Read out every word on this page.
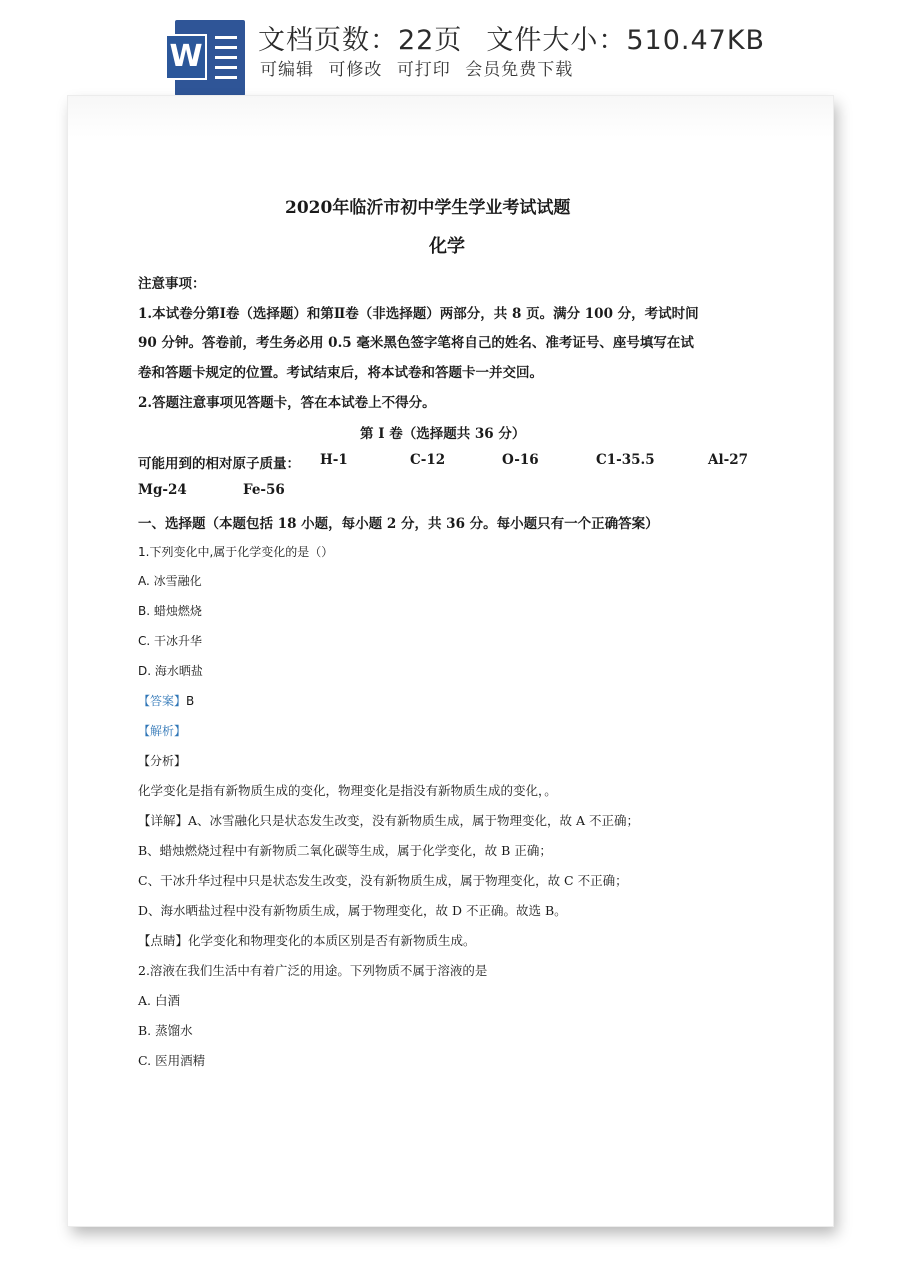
W 文档页数：22页 文件大小：510.47KB
可编辑 可修改 可打印 会员免费下载
2020年临沂市初中学生学业考试试题
化学
注意事项：
1.本试卷分第Ⅰ卷（选择题）和第Ⅱ卷（非选择题）两部分，共 8 页。满分 100 分，考试时间
90 分钟。答卷前，考生务必用 0.5 毫米黑色签字笔将自己的姓名、准考证号、座号填写在试
卷和答题卡规定的位置。考试结束后，将本试卷和答题卡一并交回。
2.答题注意事项见答题卡，答在本试卷上不得分。
第 I 卷（选择题共 36 分）
可能用到的相对原子质量： H-1	C-12	O-16	C1-35.5	Al-27
Mg-24	Fe-56
一、选择题（本题包括 18 小题，每小题 2 分，共 36 分。每小题只有一个正确答案）
1.下列变化中,属于化学变化的是（）
A. 冰雪融化
B. 蜡烛燃烧
C. 干冰升华
D. 海水晒盐
【答案】B
【解析】
【分析】
化学变化是指有新物质生成的变化，物理变化是指没有新物质生成的变化，。
【详解】A、冰雪融化只是状态发生改变，没有新物质生成，属于物理变化，故 A 不正确；
B、蜡烛燃烧过程中有新物质二氧化碳等生成，属于化学变化，故 B 正确；
C、干冰升华过程中只是状态发生改变，没有新物质生成，属于物理变化，故 C 不正确；
D、海水晒盐过程中没有新物质生成，属于物理变化，故 D 不正确。故选 B。
【点睛】化学变化和物理变化的本质区别是否有新物质生成。
2.溶液在我们生活中有着广泛的用途。下列物质不属于溶液的是
A. 白酒
B. 蒸馏水
C. 医用酒精
